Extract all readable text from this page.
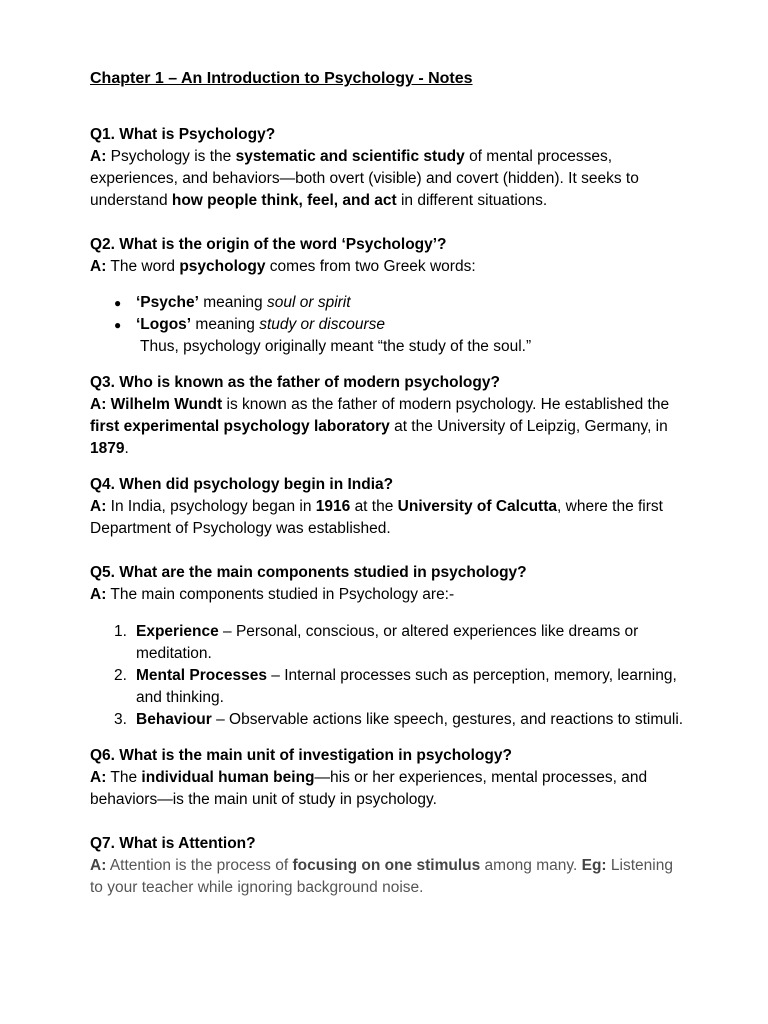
Chapter 1 – An Introduction to Psychology - Notes

Q1. What is Psychology?

A: Psychology is the systematic and scientific study of mental processes, experiences, and behaviors—both overt (visible) and covert (hidden). It seeks to understand how people think, feel, and act in different situations.

Q2. What is the origin of the word ‘Psychology’?

A: The word psychology comes from two Greek words:

● ‘Psyche’ meaning soul or spirit
● ‘Logos’ meaning study or discourse

Thus, psychology originally meant “the study of the soul.”

Q3. Who is known as the father of modern psychology?

A: Wilhelm Wundt is known as the father of modern psychology. He established the first experimental psychology laboratory at the University of Leipzig, Germany, in 1879.

Q4. When did psychology begin in India?

A: In India, psychology began in 1916 at the University of Calcutta, where the first Department of Psychology was established.

Q5. What are the main components studied in psychology?

A: The main components studied in Psychology are:-

1. Experience – Personal, conscious, or altered experiences like dreams or meditation.
2. Mental Processes – Internal processes such as perception, memory, learning, and thinking.
3. Behaviour – Observable actions like speech, gestures, and reactions to stimuli.

Q6. What is the main unit of investigation in psychology?

A: The individual human being—his or her experiences, mental processes, and behaviors—is the main unit of study in psychology.

Q7. What is Attention?

A: Attention is the process of focusing on one stimulus among many. Eg: Listening to your teacher while ignoring background noise.
